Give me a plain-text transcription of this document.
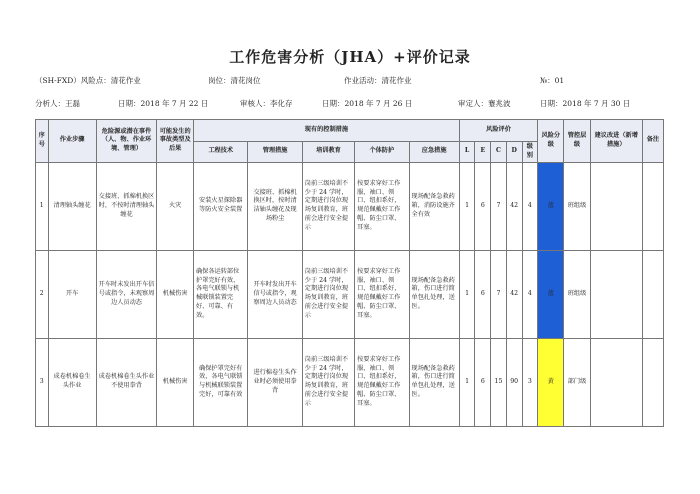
工作危害分析（JHA）+评价记录
（SH-FXD）风险点：清花作业	岗位：清花岗位	作业活动：清花作业	№：01
分析人：王磊	日期：2018 年 7 月 22 日	审核人：李化存	日期：2018 年 7 月 26 日	审定人：蹇兆波	日期：2018 年 7 月 30 日
序号	作业步骤	危险源或潜在事件（人、物、作业环境、管理）	可能发生的事故类型及后果	现有的控制措施					风险评价					风险分级	管控层级	建议改进（新增措施）	备注
				工程技术	管理措施	培训教育	个体防护	应急措施	L	E	C	D	级别				
1	清理轴头缠花	交接班、抓棉机换区时，不按时清理轴头缠花	火灾	安装火星探除器等防火安全装置	交接班、抓棉机换区时，按时清洁轴头缠花及现场粉尘	岗前三级培训不少于 24 学时，定期进行岗位现场复训教育，班前会进行安全提示	按要求穿好工作服，袖口、领口、纽扣系好，规范佩戴好工作帽、防尘口罩、耳塞。	现场配备急救药箱，消防设施齐全有效	1	6	7	42	4	蓝	班组级		
2	开车	开车时未发出开车信号或指令，未观察周边人员动态	机械伤害	确保各运转部位护罩完好有效，各电气联锁与机械联锁装置完好、可靠、有效。	开车时发出开车信号或指令，观察周边人员动态	岗前三级培训不少于 24 学时，定期进行岗位现场复训教育，班前会进行安全提示	按要求穿好工作服，袖口、领口、纽扣系好，规范佩戴好工作帽、防尘口罩、耳塞。	现场配备急救药箱，伤口进行简单包扎处理，送医。	1	6	7	42	4	蓝	班组级		
3	成卷机棉卷生头作业	成卷机棉卷生头作业不使用拳背	机械伤害	确保护罩完好有效，各电气联锁与机械联锁装置完好，可靠有效	进行棉卷生头作业时必须使用拳背	岗前三级培训不少于 24 学时，定期进行岗位现场复训教育，班前会进行安全提示	按要求穿好工作服，袖口、领口、纽扣系好，规范佩戴好工作帽、防尘口罩、耳塞。	现场配备急救药箱，伤口进行简单包扎处理，送医。	1	6	15	90	3	黄	部门级		
